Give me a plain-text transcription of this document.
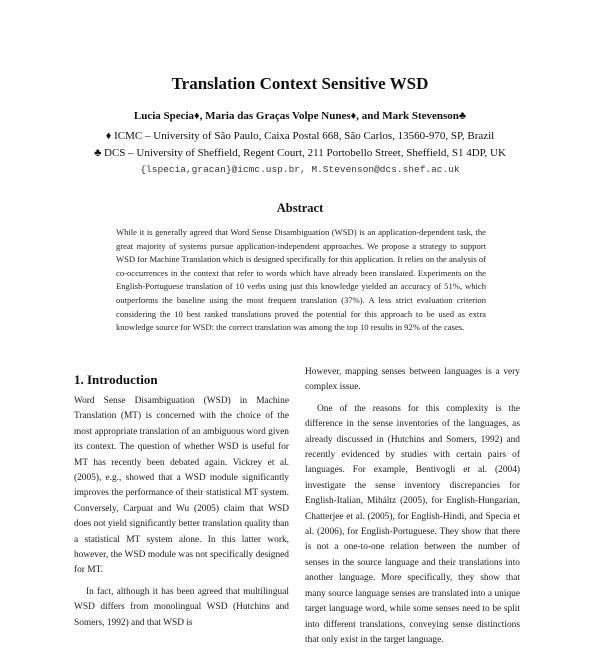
Translation Context Sensitive WSD
Lucia Specia♦, Maria das Graças Volpe Nunes♦, and Mark Stevenson♣
♦ ICMC – University of São Paulo, Caixa Postal 668, São Carlos, 13560-970, SP, Brazil
♣ DCS – University of Sheffield, Regent Court, 211 Portobello Street, Sheffield, S1 4DP, UK
{lspecia,gracan}@icmc.usp.br, M.Stevenson@dcs.shef.ac.uk
Abstract
While it is generally agreed that Word Sense Disambiguation (WSD) is an application-dependent task, the great majority of systems pursue application-independent approaches. We propose a strategy to support WSD for Machine Translation which is designed specifically for this application. It relies on the analysis of co-occurrences in the context that refer to words which have already been translated. Experiments on the English-Portuguese translation of 10 verbs using just this knowledge yielded an accuracy of 51%, which outperforms the baseline using the most frequent translation (37%). A less strict evaluation criterion considering the 10 best ranked translations proved the potential for this approach to be used as extra knowledge source for WSD: the correct translation was among the top 10 results in 92% of the cases.
1. Introduction

Word Sense Disambiguation (WSD) in Machine Translation (MT) is concerned with the choice of the most appropriate translation of an ambiguous word given its context. The question of whether WSD is useful for MT has recently been debated again. Vickrey et al. (2005), e.g., showed that a WSD module significantly improves the performance of their statistical MT system. Conversely, Carpuat and Wu (2005) claim that WSD does not yield significantly better translation quality than a statistical MT system alone. In this latter work, however, the WSD module was not specifically designed for MT.

In fact, although it has been agreed that multilingual WSD differs from monolingual WSD (Hutchins and Somers, 1992) and that WSD is

However, mapping senses between languages is a very complex issue.

One of the reasons for this complexity is the difference in the sense inventories of the languages, as already discussed in (Hutchins and Somers, 1992) and recently evidenced by studies with certain pairs of languages. For example, Bentivogli et al. (2004) investigate the sense inventory discrepancies for English-Italian, Miháltz (2005), for English-Hungarian, Chatterjee et al. (2005), for English-Hindi, and Specia et al. (2006), for English-Portuguese. They show that there is not a one-to-one relation between the number of senses in the source language and their translations into another language. More specifically, they show that many source language senses are translated into a unique target language word, while some senses need to be split into different translations, conveying sense distinctions that only exist in the target language.
